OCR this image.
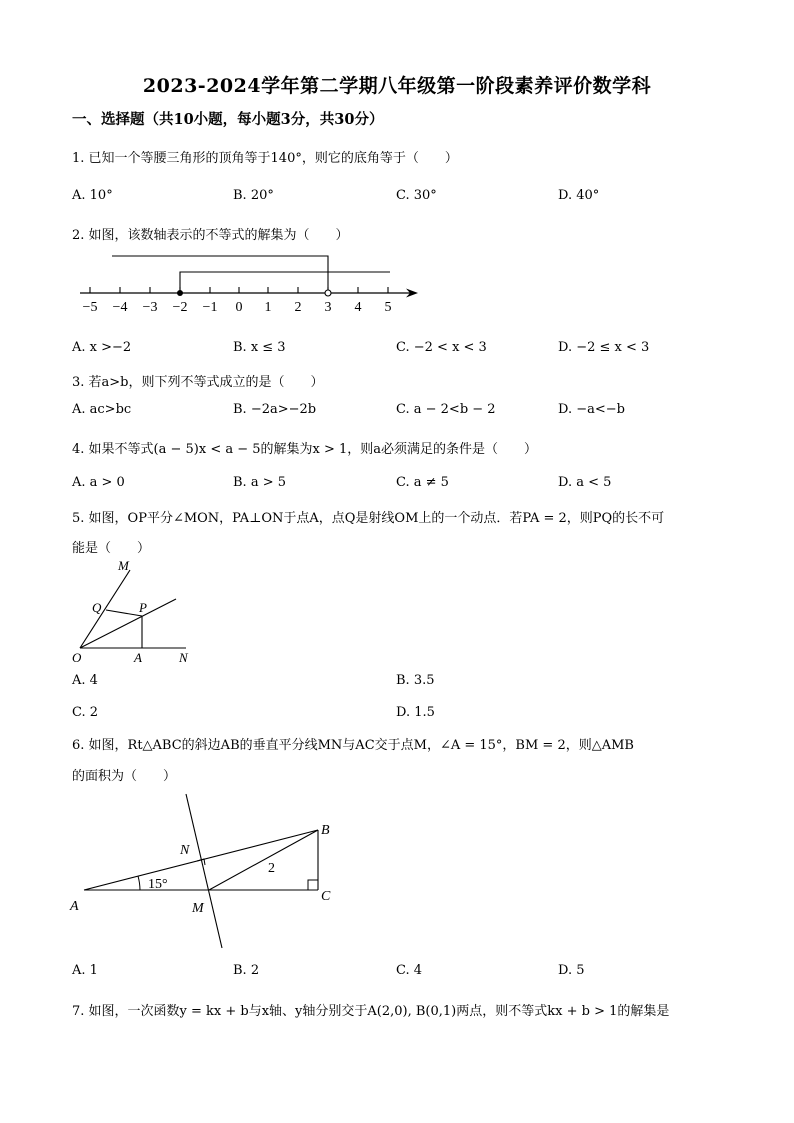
2023-2024学年第二学期八年级第一阶段素养评价数学科
一、选择题（共10小题，每小题3分，共30分）
1. 已知一个等腰三角形的顶角等于140°，则它的底角等于（　　）
A. 10°	B. 20°	C. 30°	D. 40°
2. 如图，该数轴表示的不等式的解集为（　　）
−5 −4 −3 −2 −1 0 1 2 3 4 5
A. x >−2	B. x ≤ 3	C. −2 < x < 3	D. −2 ≤ x < 3
3. 若a>b，则下列不等式成立的是（　　）
A. ac>bc	B. −2a>−2b	C. a − 2<b − 2	D. −a<−b
4. 如果不等式(a − 5)x < a − 5的解集为x > 1，则a必须满足的条件是（　　）
A. a > 0	B. a > 5	C. a ≠ 5	D. a < 5
5. 如图，OP平分∠MON，PA⊥ON于点A，点Q是射线OM上的一个动点．若PA = 2，则PQ的长不可
能是（　　）
M
Q	P
O	A	N
A. 4	B. 3.5
C. 2	D. 1.5
6. 如图，Rt△ABC的斜边AB的垂直平分线MN与AC交于点M，∠A = 15°，BM = 2，则△AMB
的面积为（　　）
B
N
2
15°
A	M
C
A. 1	B. 2	C. 4	D. 5
7. 如图，一次函数y = kx + b与x轴、y轴分别交于A(2,0), B(0,1)两点，则不等式kx + b > 1的解集是
